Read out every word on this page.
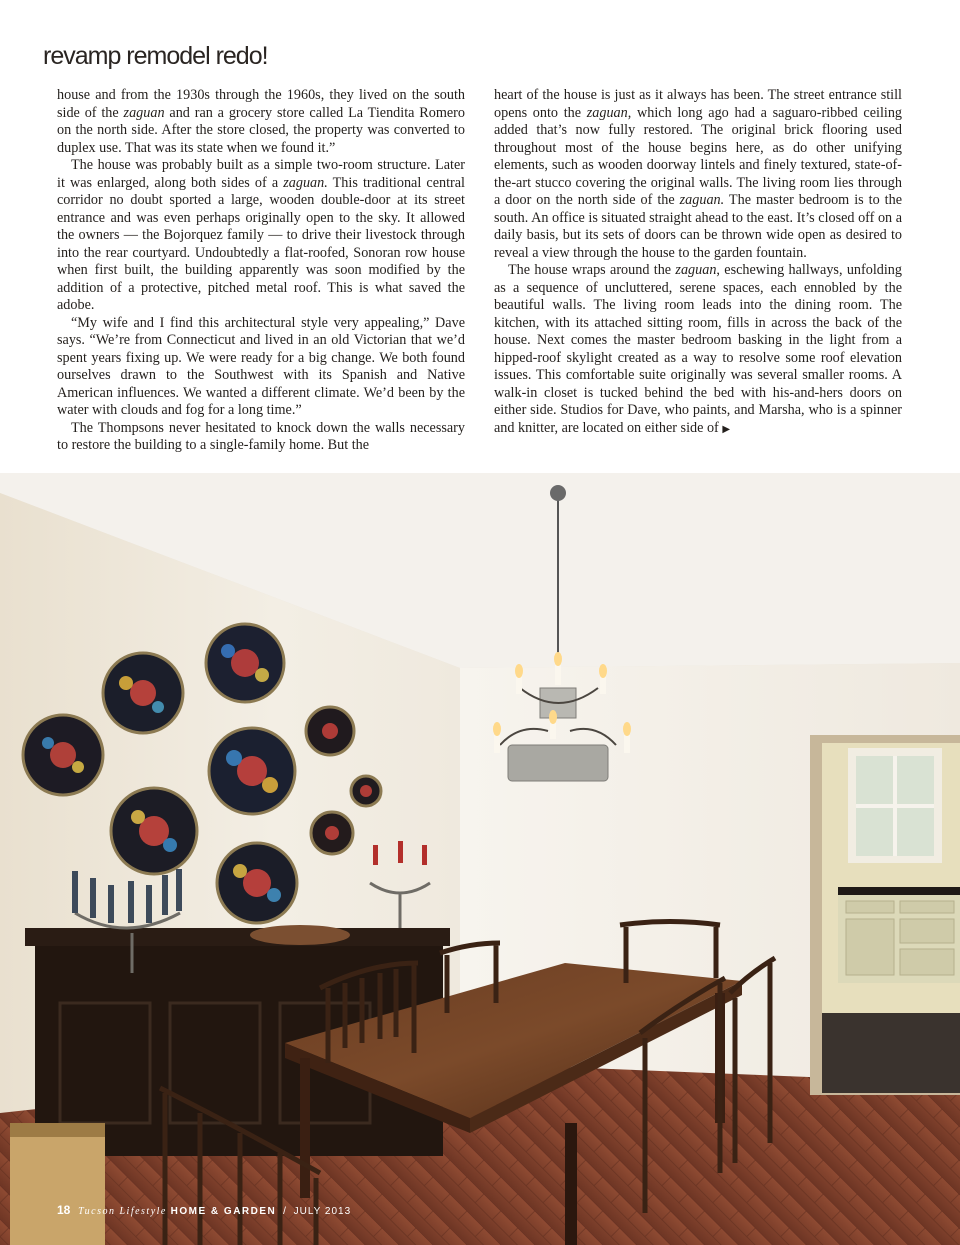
revamp remodel redo!

house and from the 1930s through the 1960s, they lived on the south side of the zaguan and ran a grocery store called La Tiendita Romero on the north side. After the store closed, the property was converted to duplex use. That was its state when we found it.”

The house was probably built as a simple two-room structure. Later it was enlarged, along both sides of a zaguan. This traditional central corridor no doubt sported a large, wooden double-door at its street entrance and was even perhaps originally open to the sky. It allowed the owners — the Bojorquez family — to drive their livestock through into the rear courtyard. Undoubtedly a flat-roofed, Sonoran row house when first built, the building apparently was soon modified by the addition of a protective, pitched metal roof. This is what saved the adobe.

“My wife and I find this architectural style very appealing,” Dave says. “We’re from Connecticut and lived in an old Victorian that we’d spent years fixing up. We were ready for a big change. We both found ourselves drawn to the Southwest with its Spanish and Native American influences. We wanted a different climate. We’d been by the water with clouds and fog for a long time.”

The Thompsons never hesitated to knock down the walls necessary to restore the building to a single-family home. But the

heart of the house is just as it always has been. The street entrance still opens onto the zaguan, which long ago had a saguaro-ribbed ceiling added that’s now fully restored. The original brick flooring used throughout most of the house begins here, as do other unifying elements, such as wooden doorway lintels and finely textured, state-of-the-art stucco covering the original walls. The living room lies through a door on the north side of the zaguan. The master bedroom is to the south. An office is situated straight ahead to the east. It’s closed off on a daily basis, but its sets of doors can be thrown wide open as desired to reveal a view through the house to the garden fountain.

The house wraps around the zaguan, eschewing hallways, unfolding as a sequence of uncluttered, serene spaces, each ennobled by the beautiful walls. The living room leads into the dining room. The kitchen, with its attached sitting room, fills in across the back of the house. Next comes the master bedroom basking in the light from a hipped-roof skylight created as a way to resolve some roof elevation issues. This comfortable suite originally was several smaller rooms. A walk-in closet is tucked behind the bed with his-and-hers doors on either side. Studios for Dave, who paints, and Marsha, who is a spinner and knitter, are located on either side of ▶

18 Tucson Lifestyle HOME & GARDEN / JULY 2013
